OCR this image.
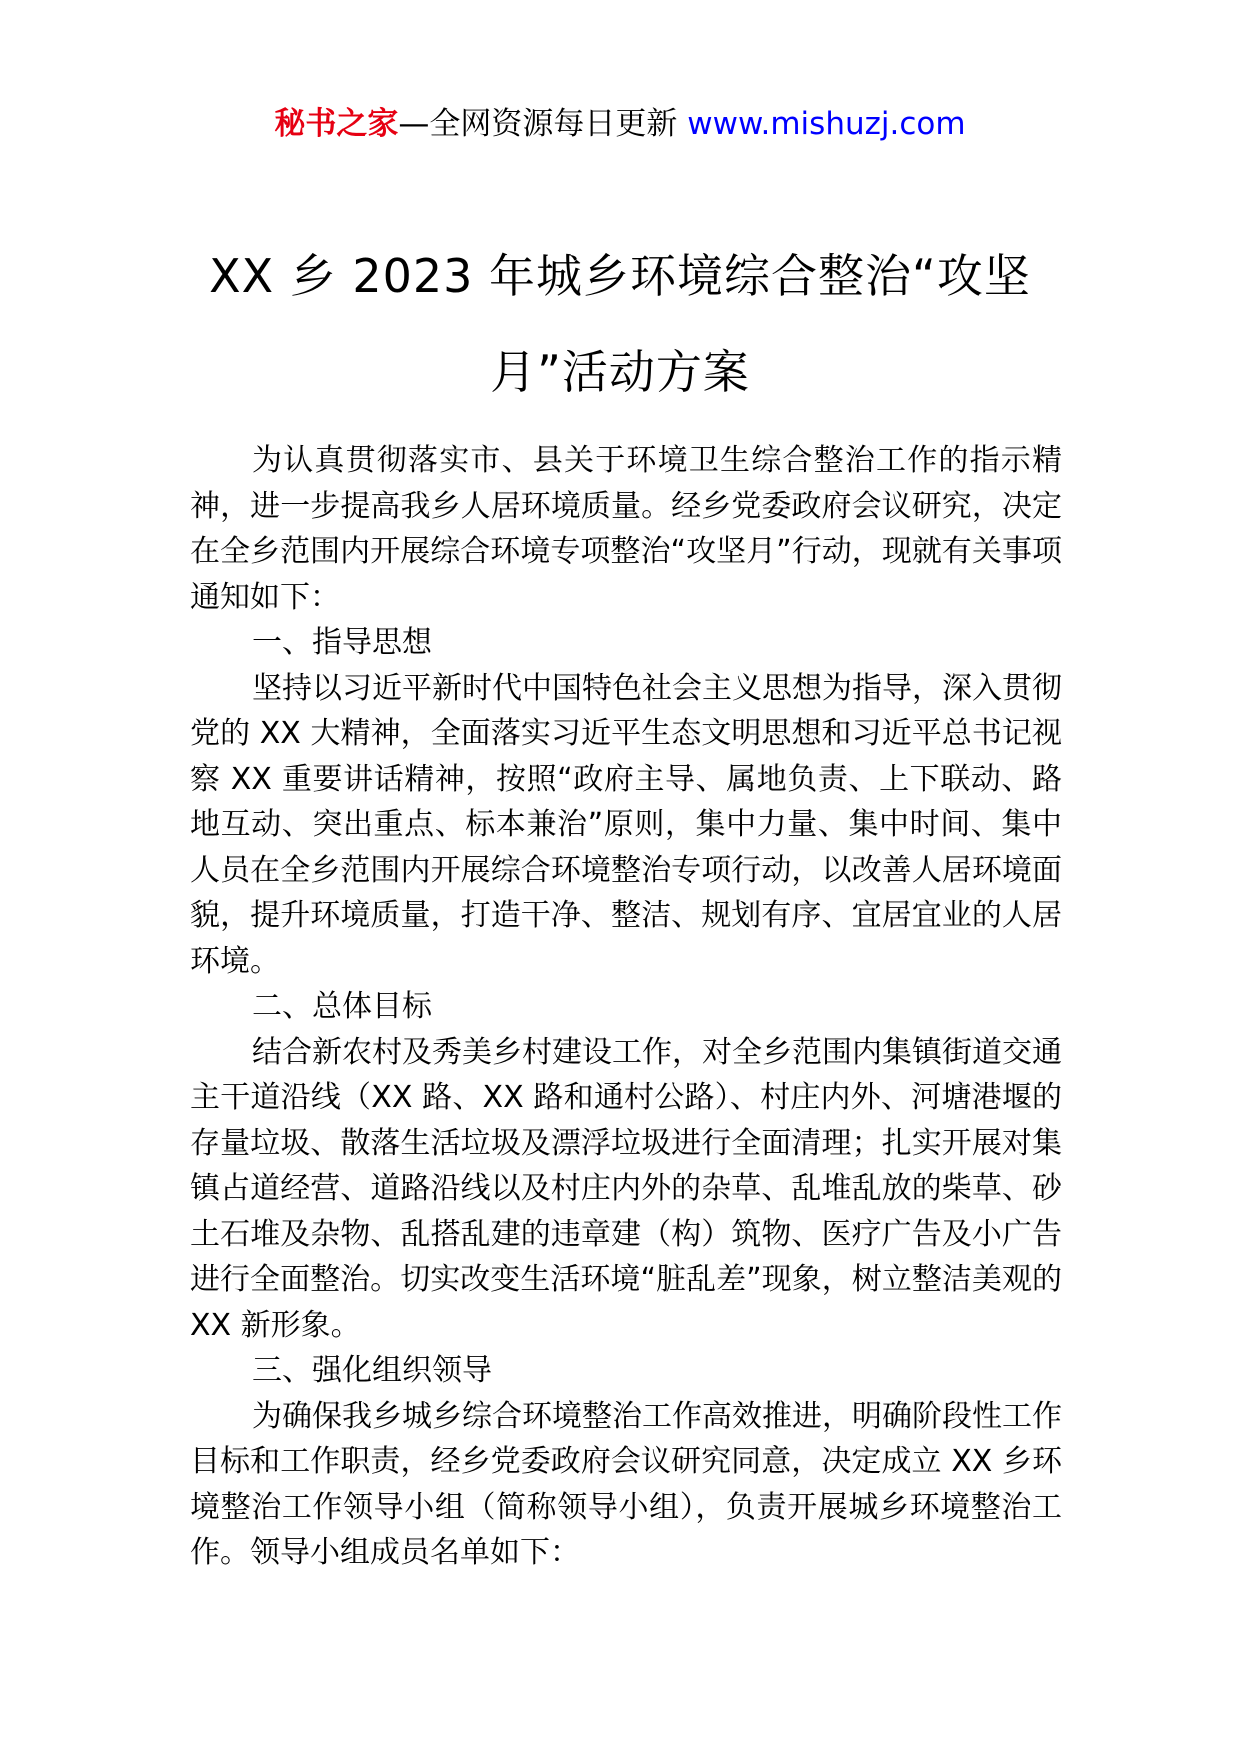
秘书之家—全网资源每日更新 www.mishuzj.com
XX 乡 2023 年城乡环境综合整治“攻坚
月”活动方案

为认真贯彻落实市、县关于环境卫生综合整治工作的指示精神，进一步提高我乡人居环境质量。经乡党委政府会议研究，决定在全乡范围内开展综合环境专项整治“攻坚月”行动，现就有关事项通知如下：

一、指导思想

坚持以习近平新时代中国特色社会主义思想为指导，深入贯彻党的 XX 大精神，全面落实习近平生态文明思想和习近平总书记视察 XX 重要讲话精神，按照“政府主导、属地负责、上下联动、路地互动、突出重点、标本兼治”原则，集中力量、集中时间、集中人员在全乡范围内开展综合环境整治专项行动，以改善人居环境面貌，提升环境质量，打造干净、整洁、规划有序、宜居宜业的人居环境。

二、总体目标

结合新农村及秀美乡村建设工作，对全乡范围内集镇街道交通主干道沿线（XX 路、XX 路和通村公路）、村庄内外、河塘港堰的存量垃圾、散落生活垃圾及漂浮垃圾进行全面清理；扎实开展对集镇占道经营、道路沿线以及村庄内外的杂草、乱堆乱放的柴草、砂土石堆及杂物、乱搭乱建的违章建（构）筑物、医疗广告及小广告进行全面整治。切实改变生活环境“脏乱差”现象，树立整洁美观的 XX 新形象。

三、强化组织领导

为确保我乡城乡综合环境整治工作高效推进，明确阶段性工作目标和工作职责，经乡党委政府会议研究同意，决定成立 XX 乡环境整治工作领导小组（简称领导小组），负责开展城乡环境整治工作。领导小组成员名单如下：
